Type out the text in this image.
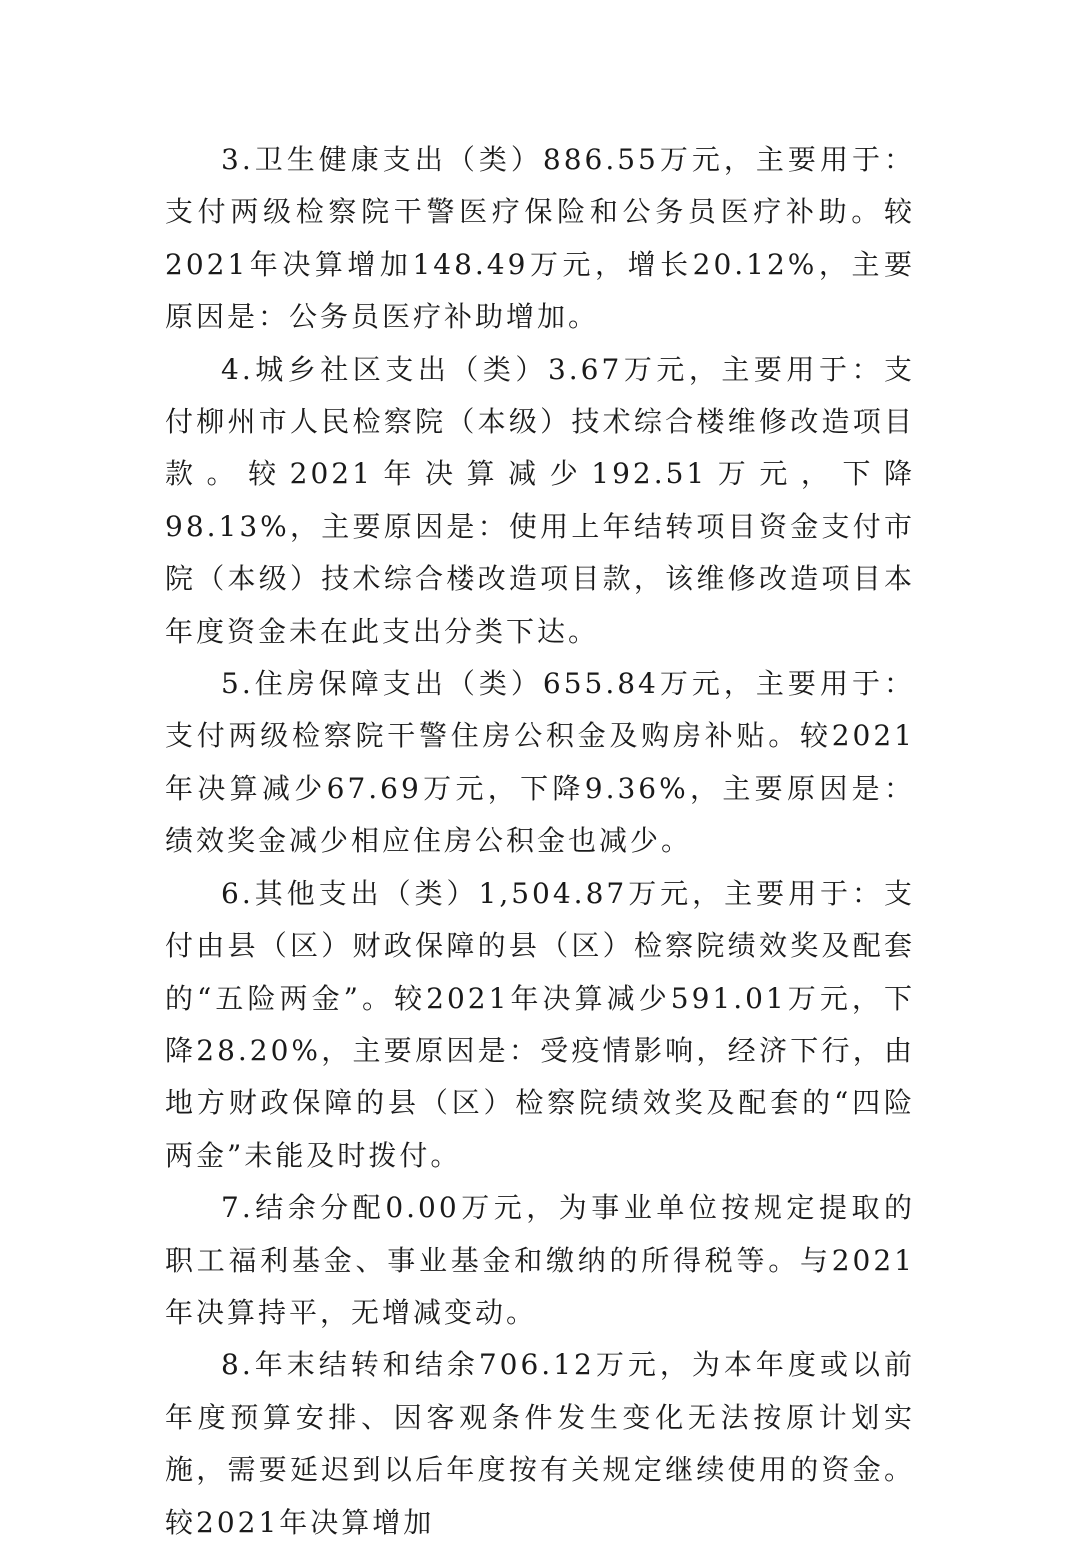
3.卫生健康支出（类）886.55万元，主要用于：支付两级检察院干警医疗保险和公务员医疗补助。较2021年决算增加148.49万元，增长20.12%，主要原因是：公务员医疗补助增加。

4.城乡社区支出（类）3.67万元，主要用于：支付柳州市人民检察院（本级）技术综合楼维修改造项目款。较2021年决算减少192.51万元，下降98.13%，主要原因是：使用上年结转项目资金支付市院（本级）技术综合楼改造项目款，该维修改造项目本年度资金未在此支出分类下达。

5.住房保障支出（类）655.84万元，主要用于：支付两级检察院干警住房公积金及购房补贴。较2021年决算减少67.69万元，下降9.36%，主要原因是：绩效奖金减少相应住房公积金也减少。

6.其他支出（类）1,504.87万元，主要用于：支付由县（区）财政保障的县（区）检察院绩效奖及配套的“五险两金”。较2021年决算减少591.01万元，下降28.20%，主要原因是：受疫情影响，经济下行，由地方财政保障的县（区）检察院绩效奖及配套的“四险两金”未能及时拨付。

7.结余分配0.00万元，为事业单位按规定提取的职工福利基金、事业基金和缴纳的所得税等。与2021年决算持平，无增减变动。

8.年末结转和结余706.12万元，为本年度或以前年度预算安排、因客观条件发生变化无法按原计划实施，需要延迟到以后年度按有关规定继续使用的资金。较2021年决算增加
